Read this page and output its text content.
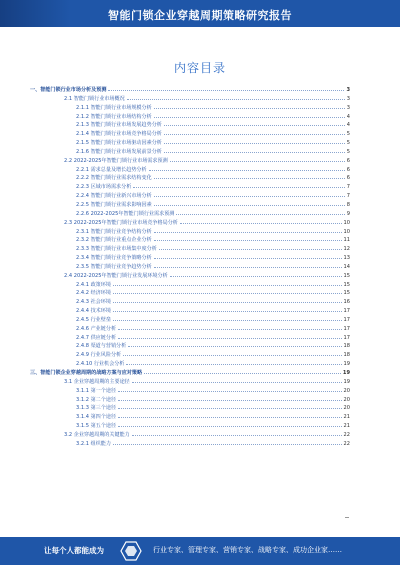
智能门锁企业穿越周期策略研究报告
内容目录
一、智能门锁行业市场分析及预测	3
2.1 智能门锁行业市场概况	3
2.1.1 智能门锁行业市场规模分析	3
2.1.2 智能门锁行业市场结构分析	4
2.1.3 智能门锁行业市场发展趋势分析	4
2.1.4 智能门锁行业市场竞争格局分析	5
2.1.5 智能门锁行业市场驱动因素分析	5
2.1.6 智能门锁行业市场发展前景分析	5
2.2 2022-2025年智能门锁行业市场需求预测	6
2.2.1 需求总量及增长趋势分析	6
2.2.2 智能门锁行业需求结构变化	6
2.2.3 区域市场需求分析	7
2.2.4 智能门锁行业新兴市场分析	7
2.2.5 智能门锁行业需求影响因素	8
2.2.6 2022-2025年智能门锁行业需求预测	9
2.3 2022-2025年智能门锁行业市场竞争格局分析	10
2.3.1 智能门锁行业竞争结构分析	10
2.3.2 智能门锁行业重点企业分析	11
2.3.3 智能门锁行业市场集中度分析	12
2.3.4 智能门锁行业竞争策略分析	13
2.3.5 智能门锁行业竞争趋势分析	14
2.4 2022-2025年智能门锁行业发展环境分析	15
2.4.1 政策环境	15
2.4.2 经济环境	15
2.4.3 社会环境	16
2.4.4 技术环境	17
2.4.5 行业壁垒	17
2.4.6 产业链分析	17
2.4.7 供应链分析	17
2.4.8 渠道与营销分析	18
2.4.9 行业风险分析	18
2.4.10 行业机会分析	19
三、智能门锁企业穿越周期的战略方案与应对策略	19
3.1 企业穿越周期的主要途径	19
3.1.1 第一个途径	20
3.1.2 第二个途径	20
3.1.3 第三个途径	20
3.1.4 第四个途径	21
3.1.5 第五个途径	21
3.2 企业穿越周期的关键能力	22
3.2.1 组织能力	22
让每个人都能成为	行业专家、管理专家、营销专家、战略专家、成功企业家……
